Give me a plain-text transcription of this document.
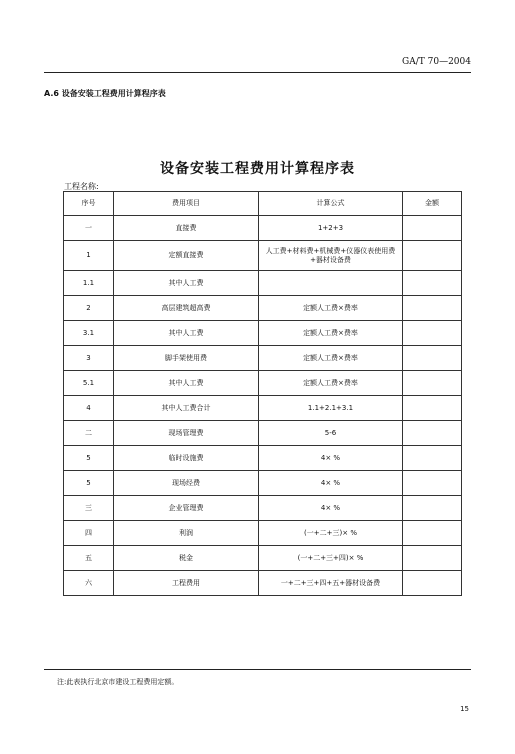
GA/T 70—2004
A.6 设备安装工程费用计算程序表
设备安装工程费用计算程序表
工程名称:
序号	费用项目	计算公式	金额
一	直接费	1+2+3	
1	定额直接费	人工费+材料费+机械费+仪器仪表使用费+器材设备费	
1.1	其中人工费		
2	高层建筑超高费	定额人工费×费率	
3.1	其中人工费	定额人工费×费率	
3	脚手架使用费	定额人工费×费率	
5.1	其中人工费	定额人工费×费率	
4	其中人工费合计	1.1+2.1+3.1	
二	现场管理费	5-6	
5	临时设施费	4× %	
5	现场经费	4× %	
三	企业管理费	4× %	
四	利润	(一+二+三)× %	
五	税金	(一+二+三+四)× %	
六	工程费用	一+二+三+四+五+器材设备费	
注:此表执行北京市建设工程费用定额。
15
